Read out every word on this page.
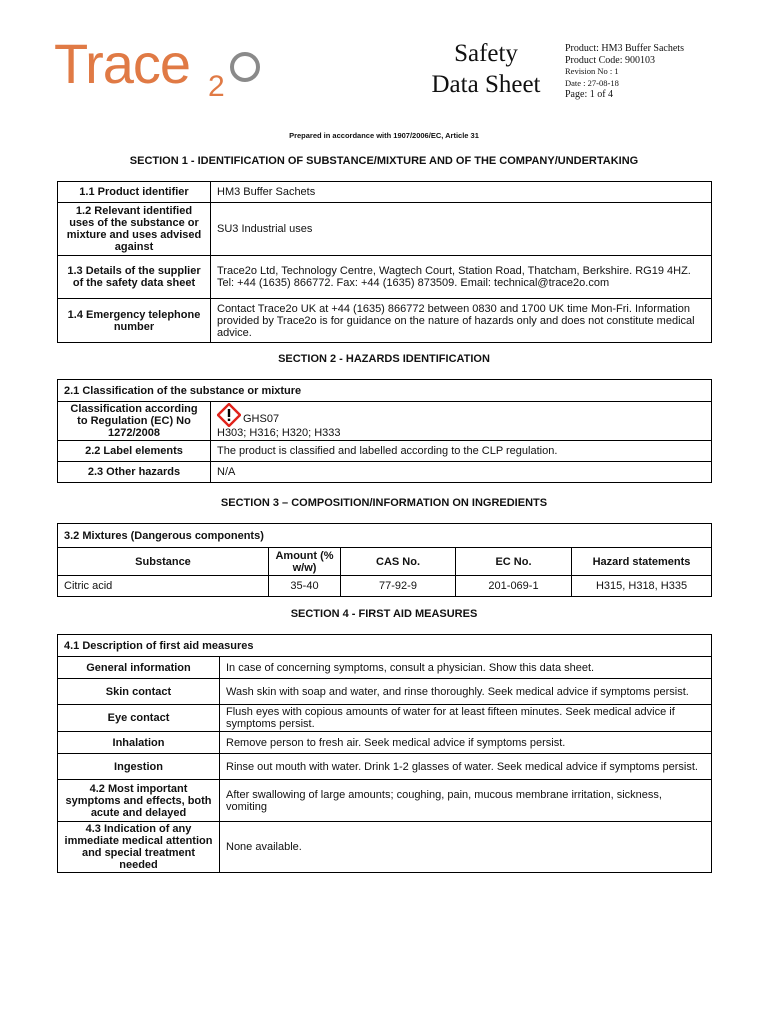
Trace 2
Safety
Data Sheet
Product: HM3 Buffer Sachets
Product Code: 900103
Revision No : 1
Date : 27-08-18
Page: 1 of 4
Prepared in accordance with 1907/2006/EC, Article 31
SECTION 1 - IDENTIFICATION OF SUBSTANCE/MIXTURE AND OF THE COMPANY/UNDERTAKING
1.1 Product identifier	HM3 Buffer Sachets
1.2 Relevant identified uses of the substance or mixture and uses advised against	SU3 Industrial uses
1.3 Details of the supplier of the safety data sheet	Trace2o Ltd, Technology Centre, Wagtech Court, Station Road, Thatcham, Berkshire. RG19 4HZ. Tel: +44 (1635) 866772. Fax: +44 (1635) 873509. Email: technical@trace2o.com
1.4 Emergency telephone number	Contact Trace2o UK at +44 (1635) 866772 between 0830 and 1700 UK time Mon-Fri. Information provided by Trace2o is for guidance on the nature of hazards only and does not constitute medical advice.
SECTION 2 - HAZARDS IDENTIFICATION
2.1 Classification of the substance or mixture	
Classification according to Regulation (EC) No 1272/2008	GHS07
H303; H316; H320; H333
2.2 Label elements	The product is classified and labelled according to the CLP regulation.
2.3 Other hazards	N/A
SECTION 3 – COMPOSITION/INFORMATION ON INGREDIENTS
3.2 Mixtures (Dangerous components)				
Substance	Amount (% w/w)	CAS No.	EC No.	Hazard statements
Citric acid	35-40	77-92-9	201-069-1	H315, H318, H335
SECTION 4 - FIRST AID MEASURES
4.1 Description of first aid measures	
General information	In case of concerning symptoms, consult a physician. Show this data sheet.
Skin contact	Wash skin with soap and water, and rinse thoroughly. Seek medical advice if symptoms persist.
Eye contact	Flush eyes with copious amounts of water for at least fifteen minutes. Seek medical advice if symptoms persist.
Inhalation	Remove person to fresh air. Seek medical advice if symptoms persist.
Ingestion	Rinse out mouth with water. Drink 1-2 glasses of water. Seek medical advice if symptoms persist.
4.2 Most important symptoms and effects, both acute and delayed	After swallowing of large amounts; coughing, pain, mucous membrane irritation, sickness, vomiting
4.3 Indication of any immediate medical attention and special treatment needed	None available.
